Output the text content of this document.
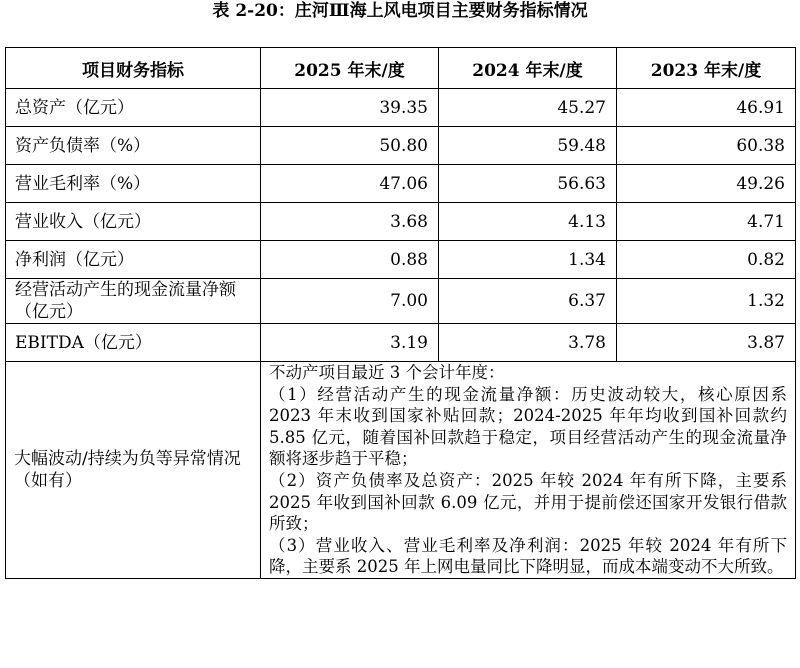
表 2-20：庄河Ⅲ海上风电项目主要财务指标情况
项目财务指标	2025 年末/度	2024 年末/度	2023 年末/度
总资产（亿元）	39.35	45.27	46.91
资产负债率（%）	50.80	59.48	60.38
营业毛利率（%）	47.06	56.63	49.26
营业收入（亿元）	3.68	4.13	4.71
净利润（亿元）	0.88	1.34	0.82
经营活动产生的现金流量净额（亿元）	7.00	6.37	1.32
EBITDA（亿元）	3.19	3.78	3.87
大幅波动/持续为负等异常情况（如有）	不动产项目最近 3 个会计年度：
（1）经营活动产生的现金流量净额：历史波动较大，核心原因系 2023 年末收到国家补贴回款；2024-2025 年年均收到国补回款约 5.85 亿元，随着国补回款趋于稳定，项目经营活动产生的现金流量净额将逐步趋于平稳；
（2）资产负债率及总资产：2025 年较 2024 年有所下降，主要系 2025 年收到国补回款 6.09 亿元，并用于提前偿还国家开发银行借款所致；
（3）营业收入、营业毛利率及净利润：2025 年较 2024 年有所下降，主要系 2025 年上网电量同比下降明显，而成本端变动不大所致。		
